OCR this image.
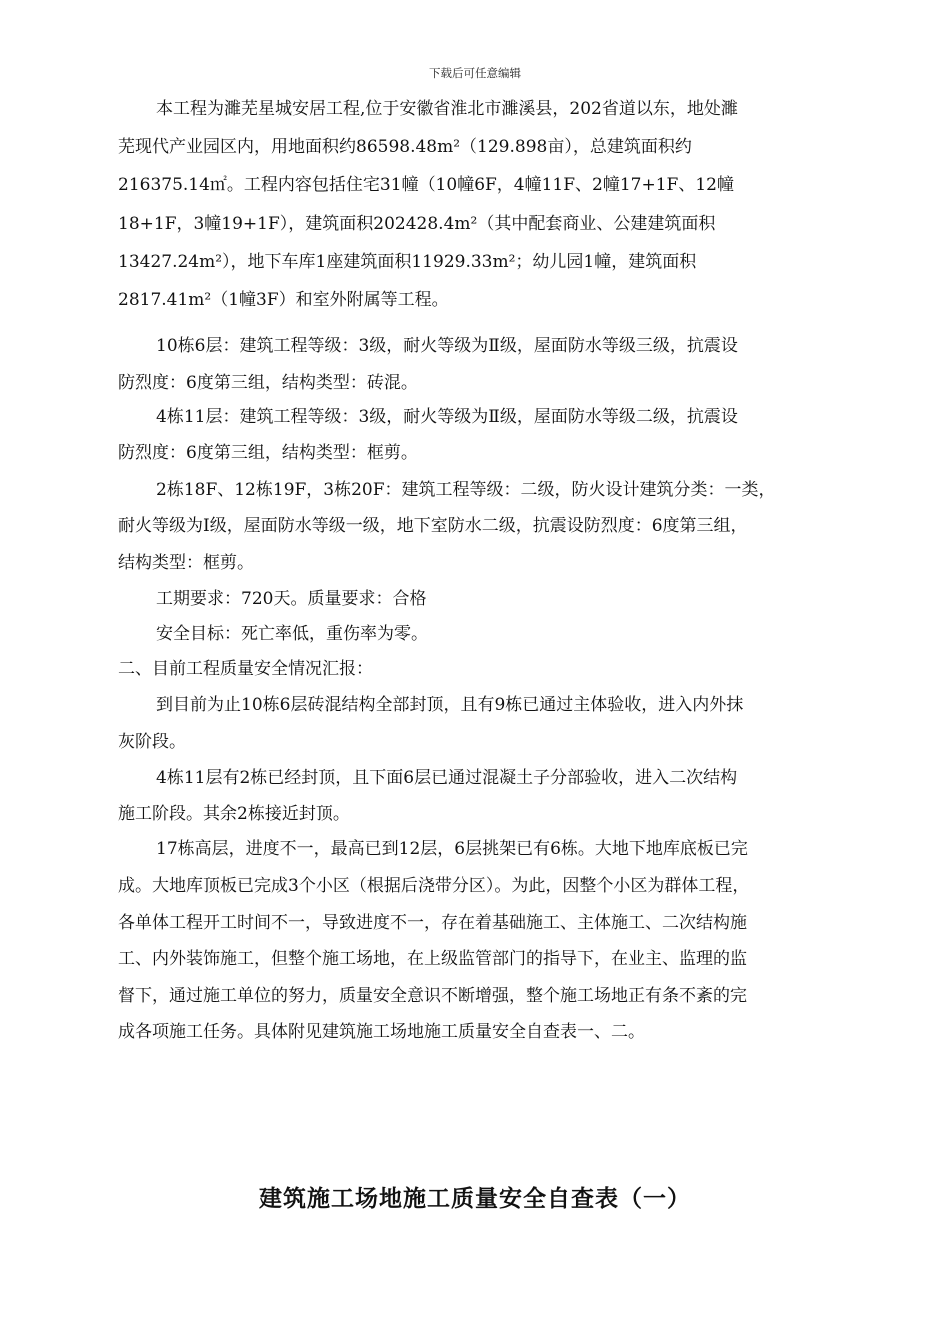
下载后可任意编辑
本工程为濉芜星城安居工程,位于安徽省淮北市濉溪县，202省道以东，地处濉
芜现代产业园区内，用地面积约86598.48m²（129.898亩），总建筑面积约
216375.14㎡。工程内容包括住宅31幢（10幢6F，4幢11F、2幢17+1F、12幢
18+1F，3幢19+1F），建筑面积202428.4m²（其中配套商业、公建建筑面积
13427.24m²），地下车库1座建筑面积11929.33m²；幼儿园1幢，建筑面积
2817.41m²（1幢3F）和室外附属等工程。
10栋6层：建筑工程等级：3级，耐火等级为Ⅱ级，屋面防水等级三级，抗震设
防烈度：6度第三组，结构类型：砖混。
4栋11层：建筑工程等级：3级，耐火等级为Ⅱ级，屋面防水等级二级，抗震设
防烈度：6度第三组，结构类型：框剪。
2栋18F、12栋19F，3栋20F：建筑工程等级：二级，防火设计建筑分类：一类，
耐火等级为Ⅰ级，屋面防水等级一级，地下室防水二级，抗震设防烈度：6度第三组，
结构类型：框剪。
工期要求：720天。质量要求：合格
安全目标：死亡率低，重伤率为零。
二、目前工程质量安全情况汇报：
到目前为止10栋6层砖混结构全部封顶，且有9栋已通过主体验收，进入内外抹
灰阶段。
4栋11层有2栋已经封顶，且下面6层已通过混凝土子分部验收，进入二次结构
施工阶段。其余2栋接近封顶。
17栋高层，进度不一，最高已到12层，6层挑架已有6栋。大地下地库底板已完
成。大地库顶板已完成3个小区（根据后浇带分区）。为此，因整个小区为群体工程，
各单体工程开工时间不一，导致进度不一，存在着基础施工、主体施工、二次结构施
工、内外装饰施工，但整个施工场地，在上级监管部门的指导下，在业主、监理的监
督下，通过施工单位的努力，质量安全意识不断增强，整个施工场地正有条不紊的完
成各项施工任务。具体附见建筑施工场地施工质量安全自查表一、二。
建筑施工场地施工质量安全自查表（一）
